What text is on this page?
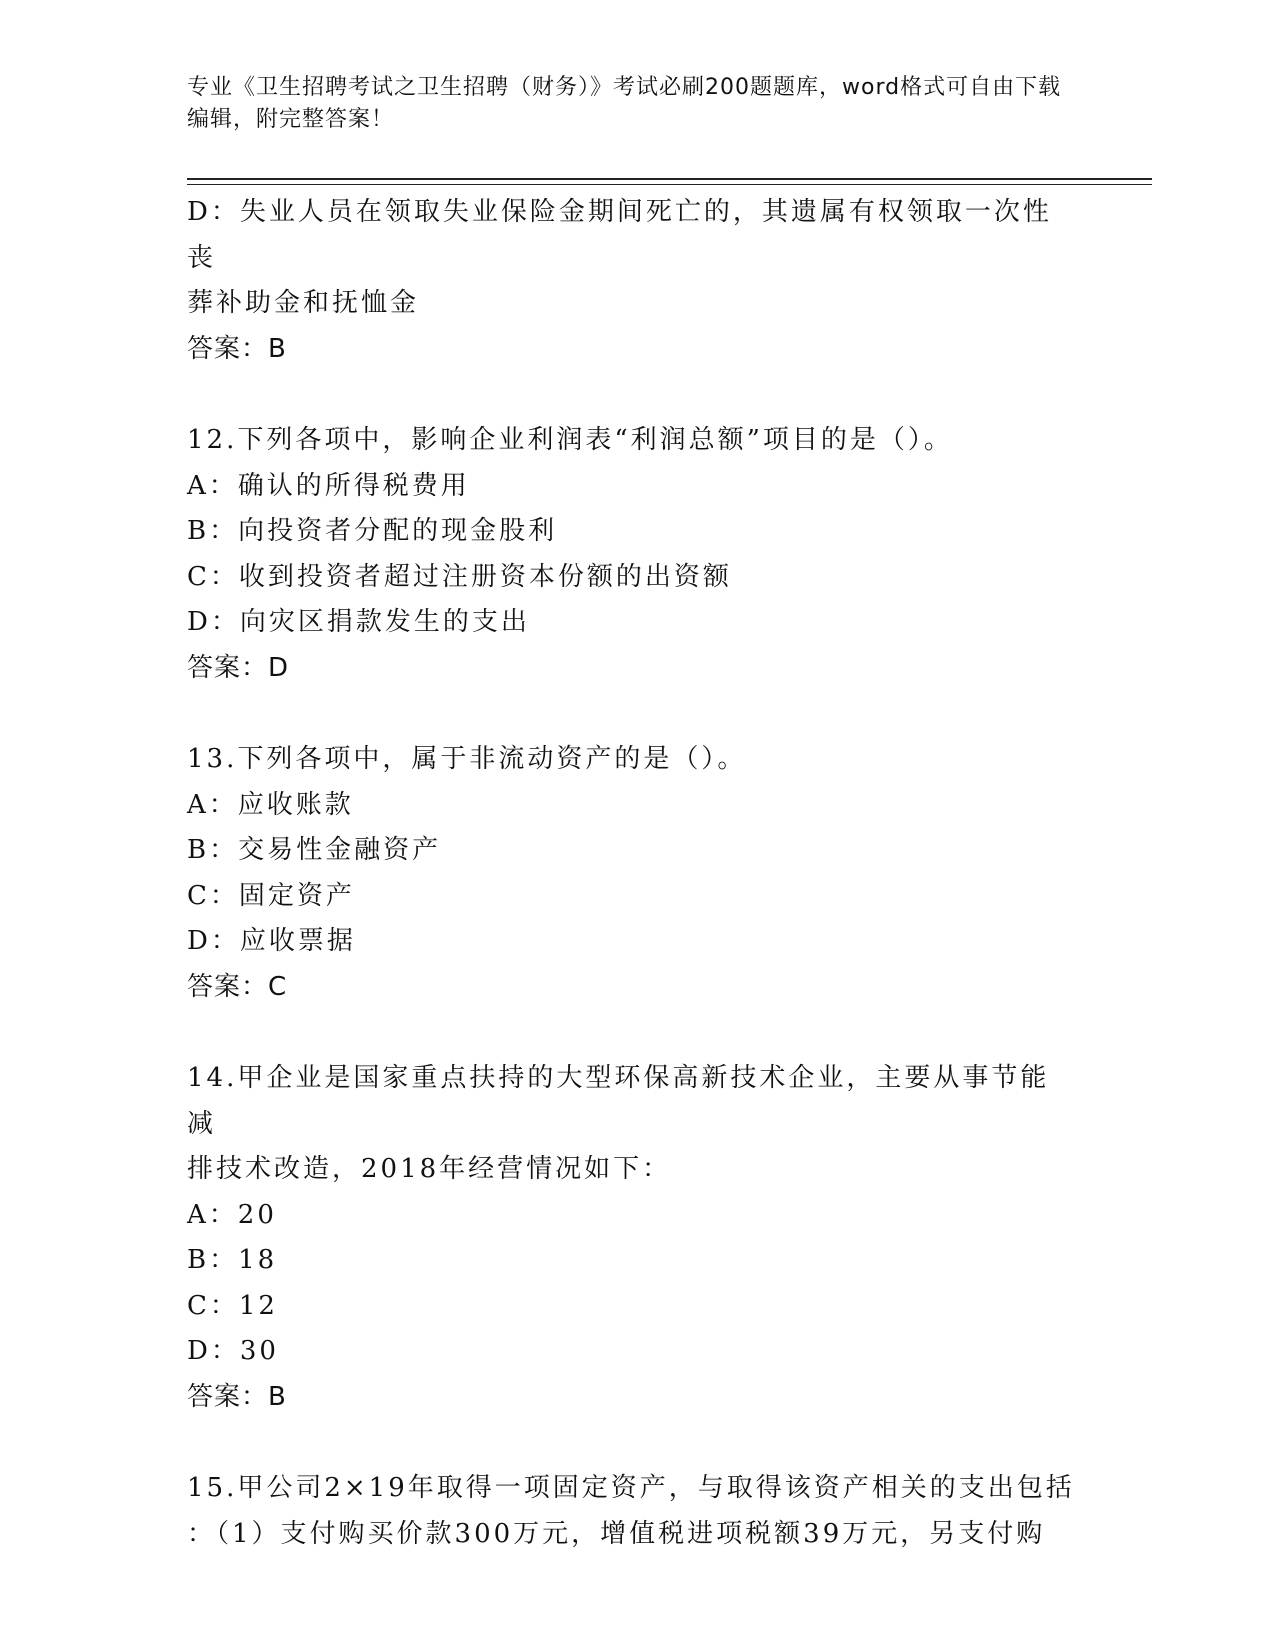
专业《卫生招聘考试之卫生招聘（财务）》考试必刷200题题库，word格式可自由下载编辑，附完整答案！

D：失业人员在领取失业保险金期间死亡的，其遗属有权领取一次性丧

葬补助金和抚恤金

答案：B

12.下列各项中，影响企业利润表“利润总额”项目的是（）。

A：确认的所得税费用

B：向投资者分配的现金股利

C：收到投资者超过注册资本份额的出资额

D：向灾区捐款发生的支出

答案：D

13.下列各项中，属于非流动资产的是（）。

A：应收账款

B：交易性金融资产

C：固定资产

D：应收票据

答案：C

14.甲企业是国家重点扶持的大型环保高新技术企业，主要从事节能减

排技术改造，2018年经营情况如下：

A：20

B：18

C：12

D：30

答案：B

15.甲公司2×19年取得一项固定资产，与取得该资产相关的支出包括

：（1）支付购买价款300万元，增值税进项税额39万元，另支付购
